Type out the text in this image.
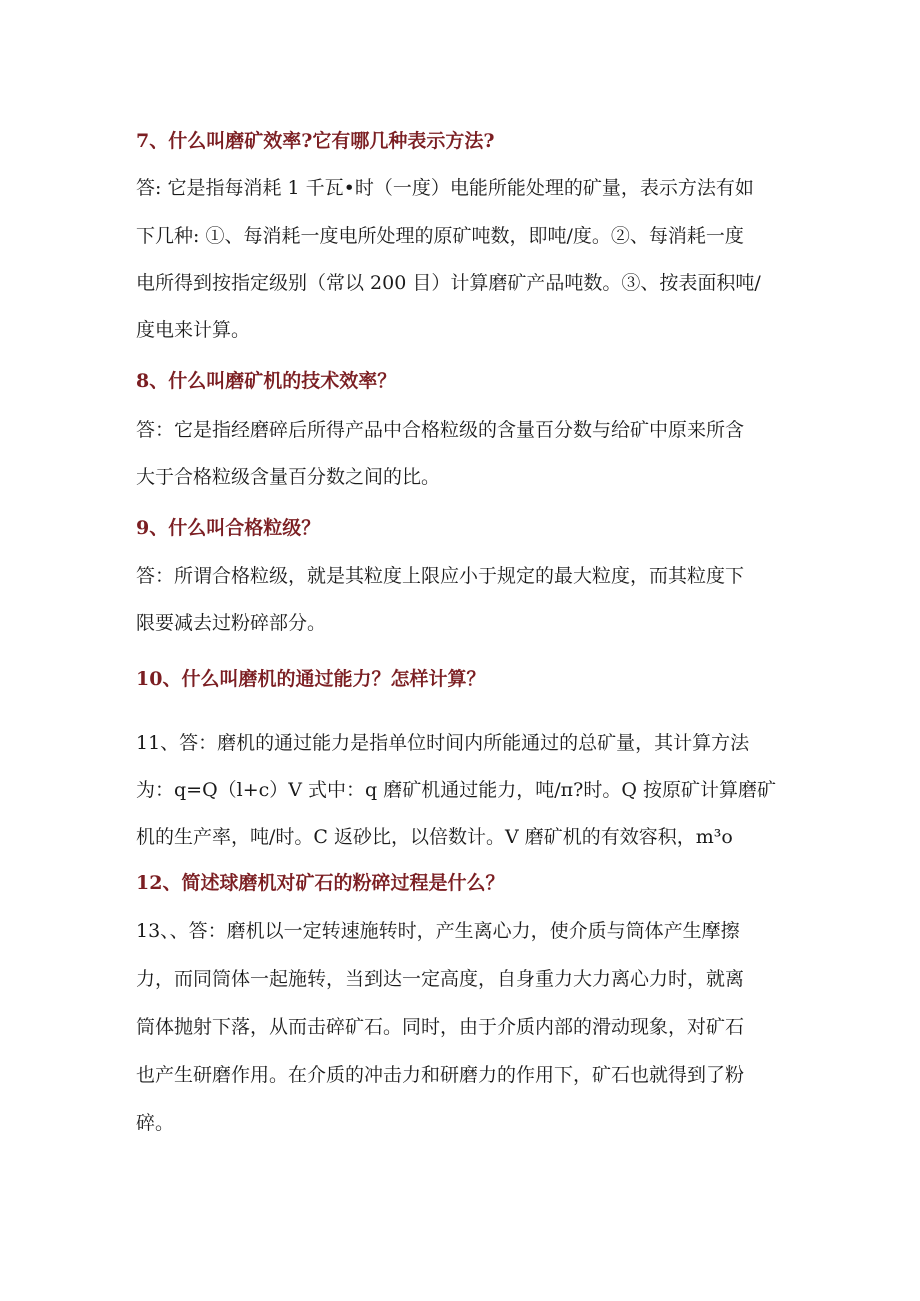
7、什么叫磨矿效率?它有哪几种表示方法?
答: 它是指每消耗 1 千瓦•时（一度）电能所能处理的矿量，表示方法有如
下几种: ①、每消耗一度电所处理的原矿吨数，即吨/度。②、每消耗一度
电所得到按指定级别（常以 200 目）计算磨矿产品吨数。③、按表面积吨/
度电来计算。
8、什么叫磨矿机的技术效率？
答：它是指经磨碎后所得产品中合格粒级的含量百分数与给矿中原来所含
大于合格粒级含量百分数之间的比。
9、什么叫合格粒级？
答：所谓合格粒级，就是其粒度上限应小于规定的最大粒度，而其粒度下
限要减去过粉碎部分。
10、什么叫磨机的通过能力？怎样计算？
11、答：磨机的通过能力是指单位时间内所能通过的总矿量，其计算方法
为：q=Q（l+c）V 式中：q 磨矿机通过能力，吨/π?时。Q 按原矿计算磨矿
机的生产率，吨/时。C 返砂比，以倍数计。V 磨矿机的有效容积，m³o
12、简述球磨机对矿石的粉碎过程是什么？
13、、答：磨机以一定转速施转时，产生离心力，使介质与筒体产生摩擦
力，而同筒体一起施转，当到达一定高度，自身重力大力离心力时，就离
筒体抛射下落，从而击碎矿石。同时，由于介质内部的滑动现象，对矿石
也产生研磨作用。在介质的冲击力和研磨力的作用下，矿石也就得到了粉
碎。
